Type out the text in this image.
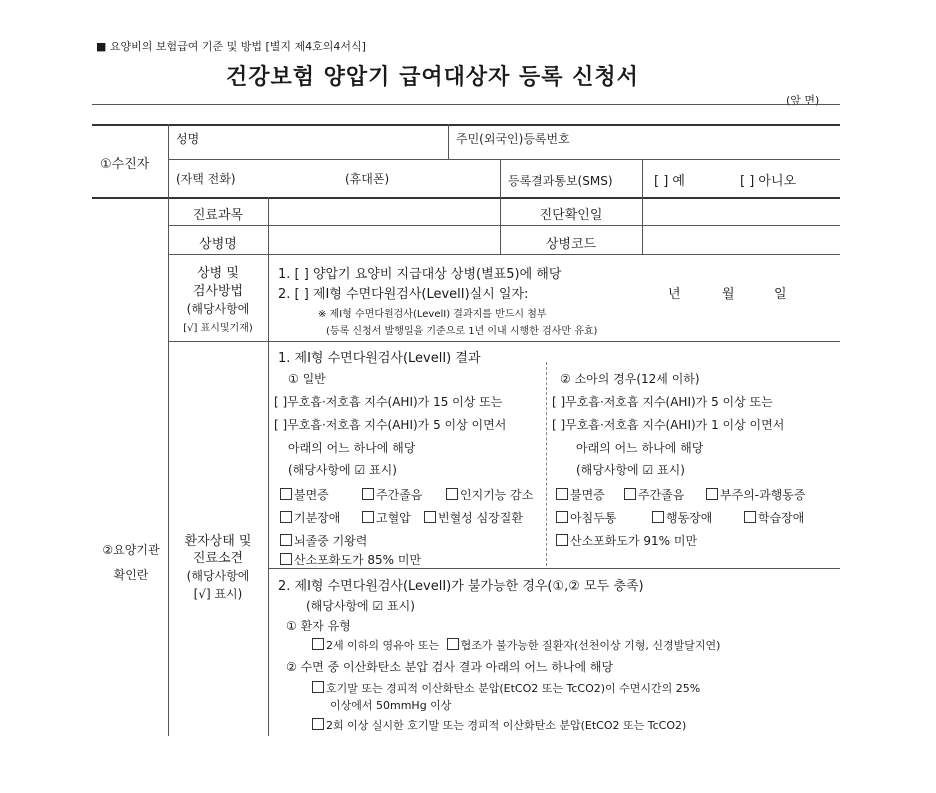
■ 요양비의 보험급여 기준 및 방법 [별지 제4호의4서식]
건강보험 양압기 급여대상자 등록 신청서
(앞 면)
①수진자
성명	주민(외국인)등록번호
(자택 전화)	(휴대폰)	등록결과통보(SMS)	[ ] 예	[ ] 아니오
②요양기관
확인란
진료과목	진단확인일
상병명	상병코드
상병 및
검사방법
(해당사항에
[√] 표시및기재)
1. [ ] 양압기 요양비 지급대상 상병(별표5)에 해당
2. [ ] 제Ⅰ형 수면다원검사(LevelⅠ)실시 일자:	년	월	일
※ 제Ⅰ형 수면다원검사(LevelⅠ) 결과지를 반드시 첨부
(등록 신청서 발행일을 기준으로 1년 이내 시행한 검사만 유효)
환자상태 및
진료소견
(해당사항에
[√] 표시)
1. 제Ⅰ형 수면다원검사(LevelⅠ) 결과
① 일반
[ ]무호흡·저호흡 지수(AHI)가 15 이상 또는
[ ]무호흡·저호흡 지수(AHI)가 5 이상 이면서
아래의 어느 하나에 해당
(해당사항에 ☑ 표시)
불면증	주간졸음	인지기능 감소
기분장애	고혈압	빈혈성 심장질환
뇌졸중 기왕력
산소포화도가 85% 미만
② 소아의 경우(12세 이하)
[ ]무호흡·저호흡 지수(AHI)가 5 이상 또는
[ ]무호흡·저호흡 지수(AHI)가 1 이상 이면서
아래의 어느 하나에 해당
(해당사항에 ☑ 표시)
불면증	주간졸음	부주의-과행동증
아침두통	행동장애	학습장애
산소포화도가 91% 미만
2. 제Ⅰ형 수면다원검사(LevelⅠ)가 불가능한 경우(①,② 모두 충족)
(해당사항에 ☑ 표시)
① 환자 유형
2세 이하의 영유아 또는 협조가 불가능한 질환자(선천이상 기형, 신경발달지연)
② 수면 중 이산화탄소 분압 검사 결과 아래의 어느 하나에 해당
호기말 또는 경피적 이산화탄소 분압(EtCO2 또는 TcCO2)이 수면시간의 25%
이상에서 50mmHg 이상
2회 이상 실시한 호기말 또는 경피적 이산화탄소 분압(EtCO2 또는 TcCO2)
